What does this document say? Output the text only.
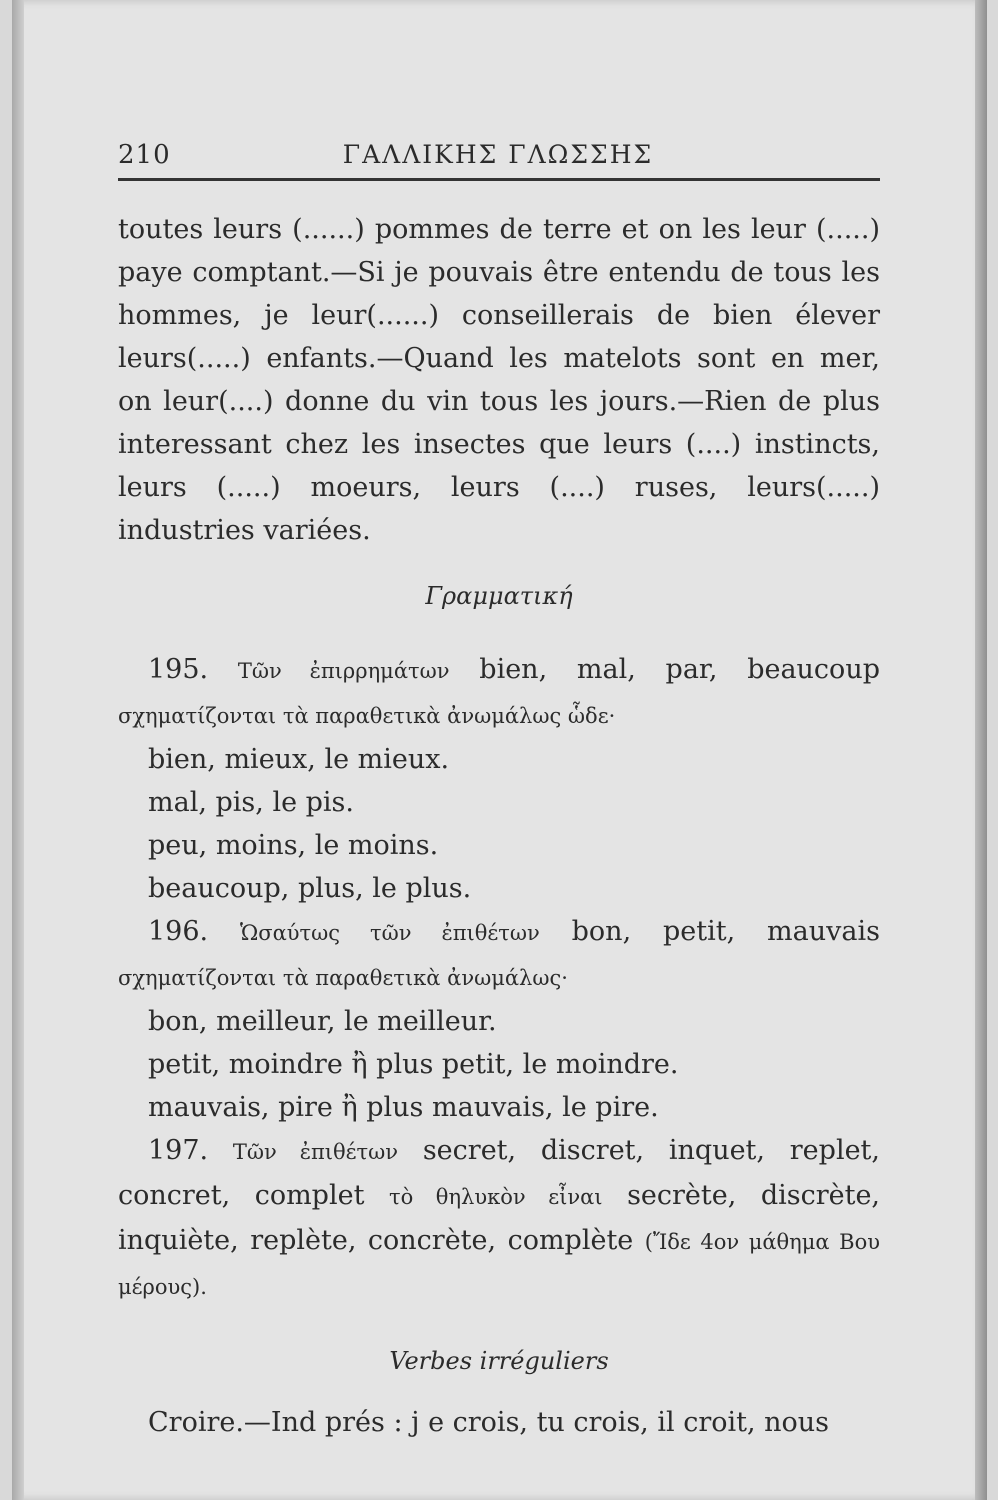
210	ΓΑΛΛΙΚΗΣ ΓΛΩΣΣΗΣ

toutes leurs (......) pommes de terre et on les leur (.....) paye comptant.—Si je pouvais être entendu de tous les hommes, je leur(......) conseillerais de bien élever leurs(.....) enfants.—Quand les matelots sont en mer, on leur(....) donne du vin tous les jours.—Rien de plus interessant chez les insectes que leurs (....) instincts, leurs (.....) moeurs, leurs (....) ruses, leurs(.....) industries variées.

Γραμματική

195. Τῶν ἐπιρρημάτων bien, mal, par, beaucoup σχηματίζονται τὰ παραθετικὰ ἀνωμάλως ὧδε·

bien, mieux, le mieux.

mal, pis, le pis.

peu, moins, le moins.

beaucoup, plus, le plus.

196. Ὡσαύτως τῶν ἐπιθέτων bon, petit, mauvais σχηματίζονται τὰ παραθετικὰ ἀνωμάλως·

bon, meilleur, le meilleur.

petit, moindre ἢ plus petit, le moindre.

mauvais, pire ἢ plus mauvais, le pire.

197. Τῶν ἐπιθέτων secret, discret, inquet, replet, concret, complet τὸ θηλυκὸν εἶναι secrète, discrète, inquiète, replète, concrète, complète (Ἴδε 4ον μάθημα Βου μέρους).

Verbes irréguliers

Croire.—Ind prés : j e crois, tu crois, il croit, nous
